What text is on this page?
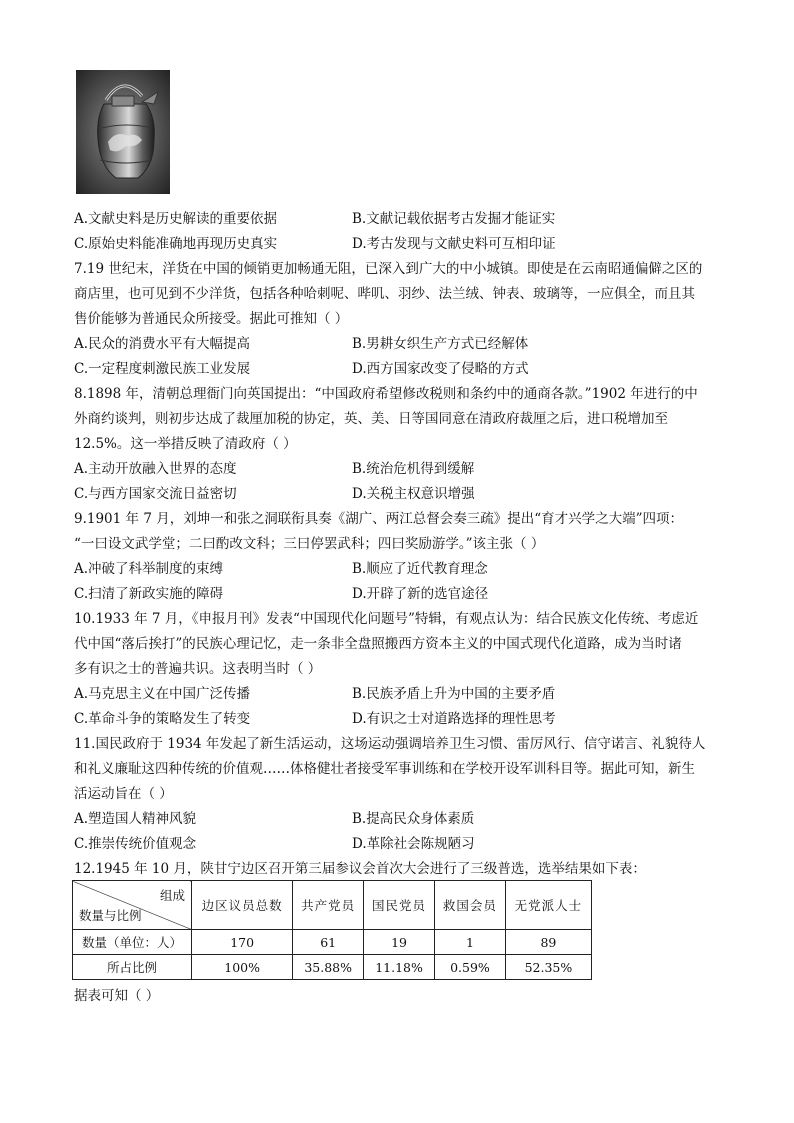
A.文献史料是历史解读的重要依据	B.文献记载依据考古发掘才能证实
C.原始史料能准确地再现历史真实	D.考古发现与文献史料可互相印证
7.19 世纪末，洋货在中国的倾销更加畅通无阻，已深入到广大的中小城镇。即使是在云南昭通偏僻之区的
商店里，也可见到不少洋货，包括各种哈刺呢、哔叽、羽纱、法兰绒、钟表、玻璃等，一应俱全，而且其
售价能够为普通民众所接受。据此可推知（ ）
A.民众的消费水平有大幅提高	B.男耕女织生产方式已经解体
C.一定程度刺激民族工业发展	D.西方国家改变了侵略的方式
8.1898 年，清朝总理衙门向英国提出：“中国政府希望修改税则和条约中的通商各款。”1902 年进行的中
外商约谈判，则初步达成了裁厘加税的协定，英、美、日等国同意在清政府裁厘之后，进口税增加至
12.5%。这一举措反映了清政府（ ）
A.主动开放融入世界的态度	B.统治危机得到缓解
C.与西方国家交流日益密切	D.关税主权意识增强
9.1901 年 7 月，刘坤一和张之洞联衔具奏《湖广、两江总督会奏三疏》提出“育才兴学之大端”四项：
“一曰设文武学堂；二曰酌改文科；三曰停罢武科；四曰奖励游学。”该主张（ ）
A.冲破了科举制度的束缚	B.顺应了近代教育理念
C.扫清了新政实施的障碍	D.开辟了新的选官途径
10.1933 年 7 月，《申报月刊》发表“中国现代化问题号”特辑，有观点认为：结合民族文化传统、考虑近
代中国“落后挨打”的民族心理记忆，走一条非全盘照搬西方资本主义的中国式现代化道路，成为当时诸
多有识之士的普遍共识。这表明当时（ ）
A.马克思主义在中国广泛传播	B.民族矛盾上升为中国的主要矛盾
C.革命斗争的策略发生了转变	D.有识之士对道路选择的理性思考
11.国民政府于 1934 年发起了新生活运动，这场运动强调培养卫生习惯、雷厉风行、信守诺言、礼貌待人
和礼义廉耻这四种传统的价值观……体格健壮者接受军事训练和在学校开设军训科目等。据此可知，新生
活运动旨在（ ）
A.塑造国人精神风貌	B.提高民众身体素质
C.推崇传统价值观念	D.革除社会陈规陋习
12.1945 年 10 月，陕甘宁边区召开第三届参议会首次大会进行了三级普选，选举结果如下表：
组成
数量与比例	边区议员总数	共产党员	国民党员	救国会员	无党派人士
数量（单位：人）	170	61	19	1	89
所占比例	100%	35.88%	11.18%	0.59%	52.35%
据表可知（ ）
